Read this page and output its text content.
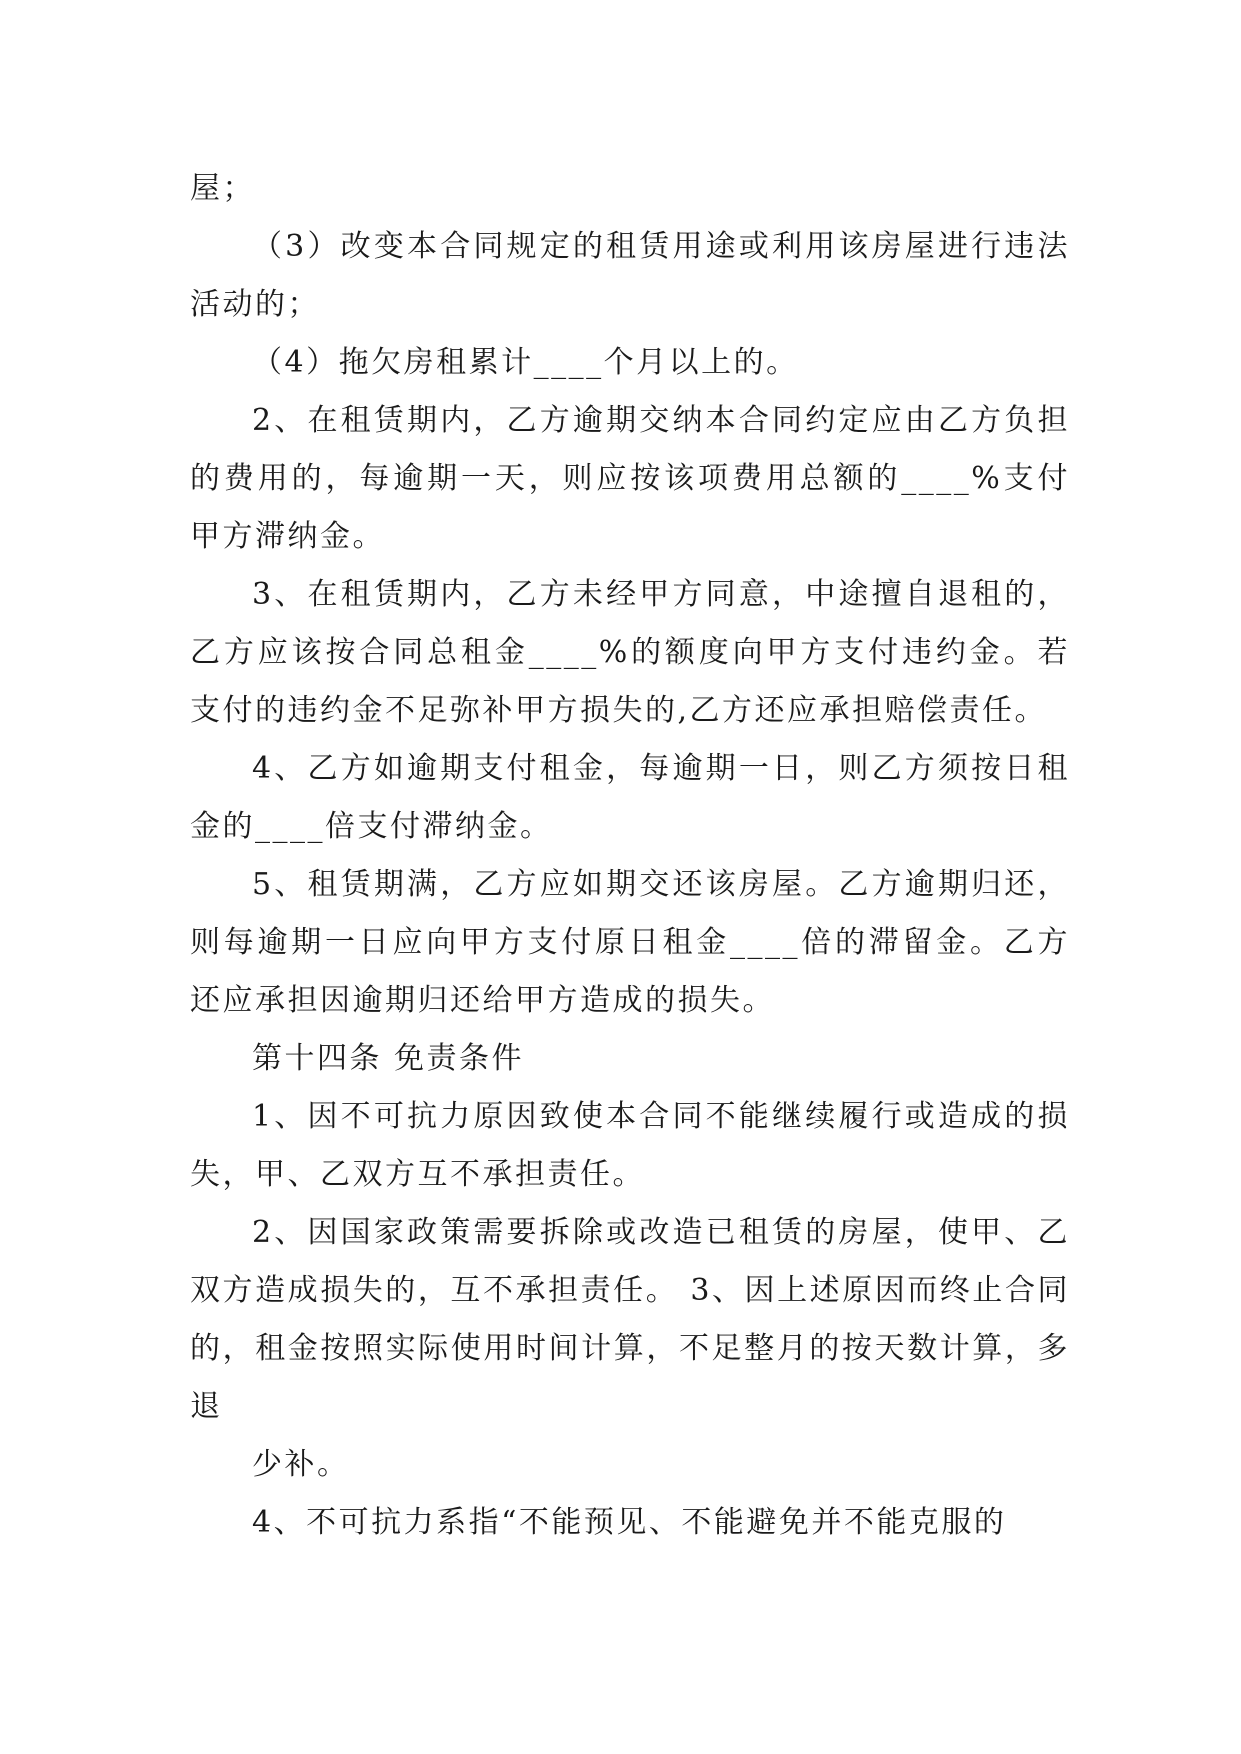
屋；

（3）改变本合同规定的租赁用途或利用该房屋进行违法活动的；

（4）拖欠房租累计____个月以上的。

2、在租赁期内，乙方逾期交纳本合同约定应由乙方负担的费用的，每逾期一天，则应按该项费用总额的____%支付甲方滞纳金。

3、在租赁期内，乙方未经甲方同意，中途擅自退租的，乙方应该按合同总租金____%的额度向甲方支付违约金。若支付的违约金不足弥补甲方损失的,乙方还应承担赔偿责任。

4、乙方如逾期支付租金，每逾期一日，则乙方须按日租金的____倍支付滞纳金。

5、租赁期满，乙方应如期交还该房屋。乙方逾期归还，则每逾期一日应向甲方支付原日租金____倍的滞留金。乙方还应承担因逾期归还给甲方造成的损失。

第十四条 免责条件

1、因不可抗力原因致使本合同不能继续履行或造成的损失，甲、乙双方互不承担责任。

2、因国家政策需要拆除或改造已租赁的房屋，使甲、乙双方造成损失的，互不承担责任。 3、因上述原因而终止合同的，租金按照实际使用时间计算，不足整月的按天数计算，多退

少补。

4、不可抗力系指“不能预见、不能避免并不能克服的
